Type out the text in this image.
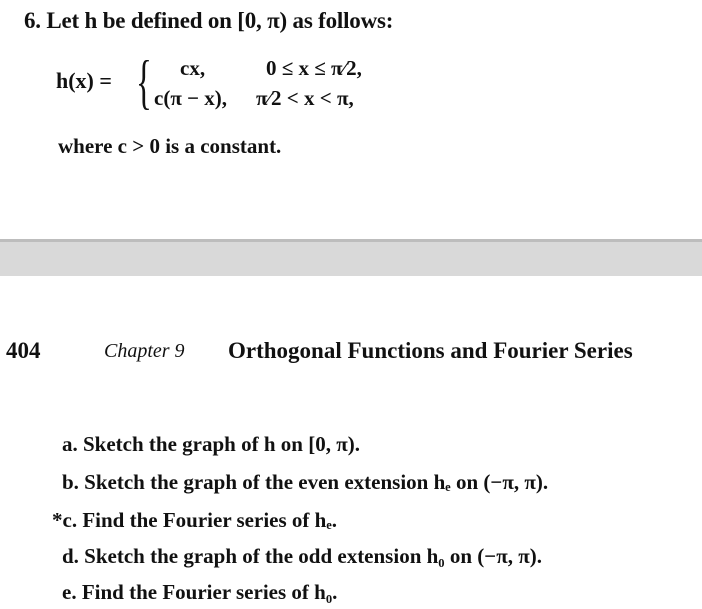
6. Let h be defined on [0, π) as follows:
h(x) = { cx,	0 ≤ x ≤ π⁄2,
c(π − x), π⁄2 < x < π,
where c > 0 is a constant.
404	Chapter 9 Orthogonal Functions and Fourier Series
a. Sketch the graph of h on [0, π).
b. Sketch the graph of the even extension hₑ on (−π, π).
*c. Find the Fourier series of hₑ.
d. Sketch the graph of the odd extension h₀ on (−π, π).
e. Find the Fourier series of h₀.
